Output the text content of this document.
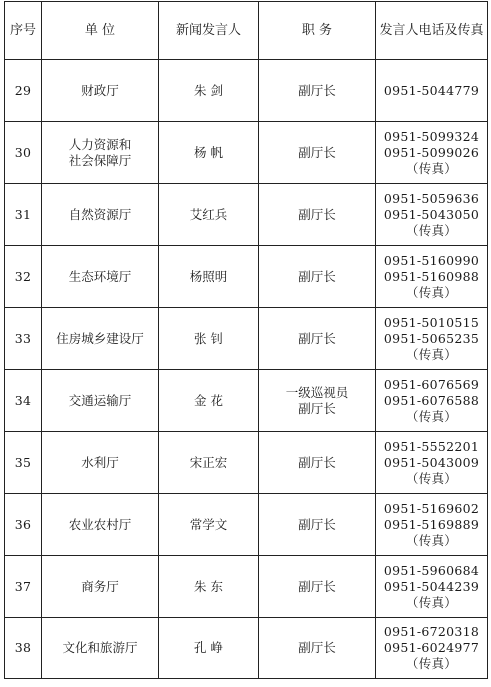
序号	单 位	新闻发言人	职 务	发言人电话及传真
29	财政厅	朱 剑	副厅长	0951-5044779

30	人力资源和
社会保障厅	杨 帆	副厅长	0951-5099324
0951-5099026
（传真）

31	自然资源厅	艾红兵	副厅长	0951-5059636
0951-5043050
（传真）

32	生态环境厅	杨照明	副厅长	0951-5160990
0951-5160988
（传真）

33	住房城乡建设厅	张 钊	副厅长	0951-5010515
0951-5065235
（传真）

34	交通运输厅	金 花	一级巡视员
副厅长	0951-6076569
0951-6076588
（传真）

35	水利厅	宋正宏	副厅长	0951-5552201
0951-5043009
（传真）

36	农业农村厅	常学文	副厅长	0951-5169602
0951-5169889
（传真）

37	商务厅	朱 东	副厅长	0951-5960684
0951-5044239
（传真）

38	文化和旅游厅	孔 峥	副厅长	0951-6720318
0951-6024977
（传真）
